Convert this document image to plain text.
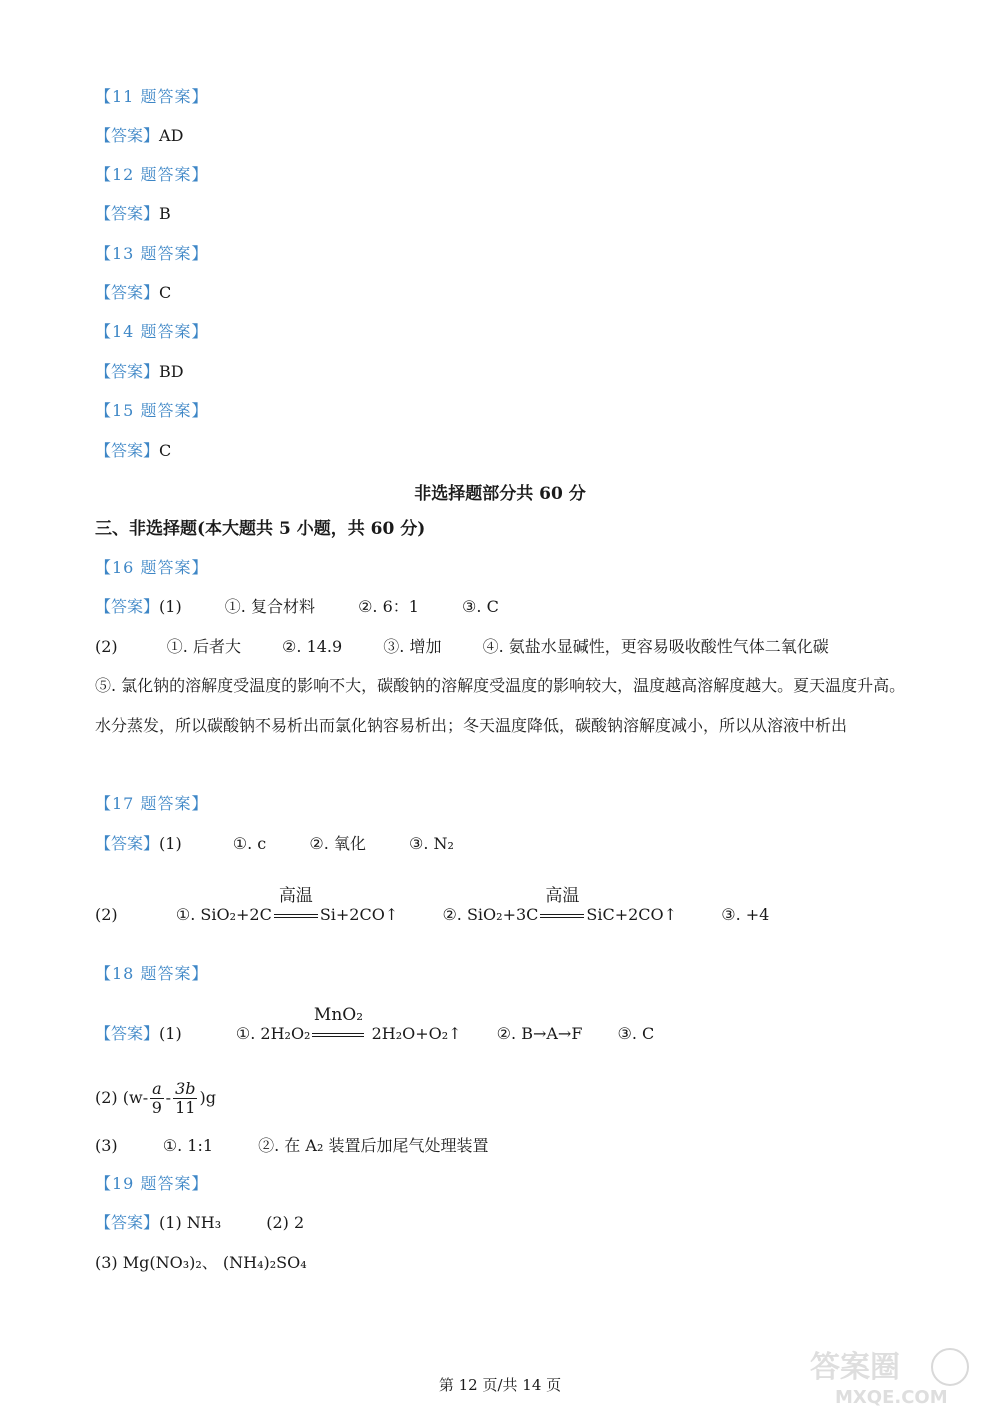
【11 题答案】
【答案】AD
【12 题答案】
【答案】B
【13 题答案】
【答案】C
【14 题答案】
【答案】BD
【15 题答案】
【答案】C
非选择题部分共 60 分
三、非选择题(本大题共 5 小题，共 60 分)
【16 题答案】
【答案】(1)	①. 复合材料	②. 6：1	③. C
(2)	①. 后者大	②. 14.9	③. 增加	④. 氨盐水显碱性，更容易吸收酸性气体二氧化碳
⑤. 氯化钠的溶解度受温度的影响不大，碳酸钠的溶解度受温度的影响较大，温度越高溶解度越大。夏天温度升高。水分蒸发，所以碳酸钠不易析出而氯化钠容易析出；冬天温度降低，碳酸钠溶解度减小，所以从溶液中析出
【17 题答案】
【答案】(1)	①. c	②. 氧化	③. N₂
(2)	①. SiO₂+2C
高温
Si+2CO↑	②. SiO₂+3C
高温
SiC+2CO↑	③. +4
【18 题答案】
【答案】(1)	①. 2H₂O₂
MnO₂
2H₂O+O₂↑ ②. B→A→F ③. C
(2) $(w- \frac{a}{9} - \frac{3b}{11} )g$
(3)	①. 1:1	②. 在 A₂ 装置后加尾气处理装置
【19 题答案】
【答案】(1) NH₃	(2) 2
(3) Mg(NO₃)₂、 (NH₄)₂SO₄
第 12 页/共 14 页	答案圈
MXQE.COM
